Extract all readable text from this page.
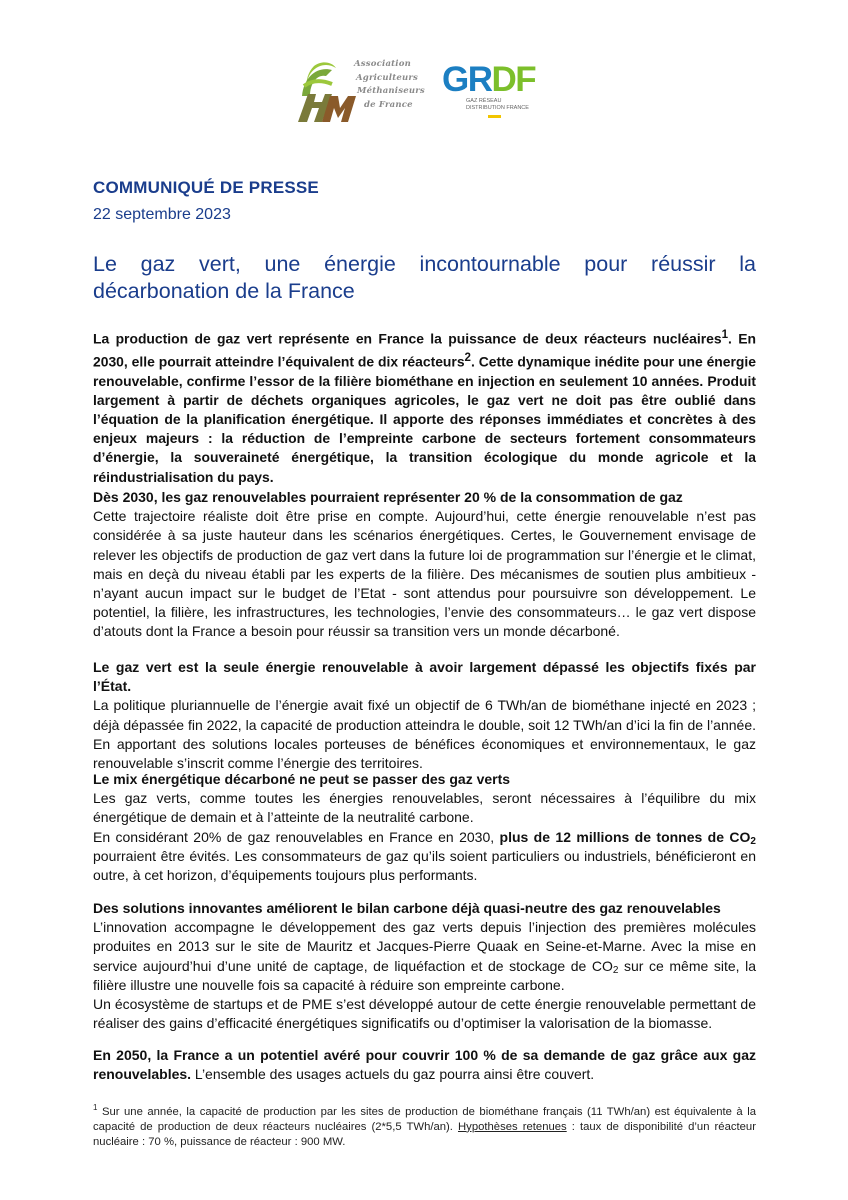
Association
Agriculteurs
Méthaniseurs
de France
GRDF
GAZ RÉSEAU DISTRIBUTION FRANCE
COMMUNIQUÉ DE PRESSE

22 septembre 2023

Le gaz vert, une énergie incontournable pour réussir la décarbonation de la France

La production de gaz vert représente en France la puissance de deux réacteurs nucléaires$^1$. En 2030, elle pourrait atteindre l’équivalent de dix réacteurs$^2$. Cette dynamique inédite pour une énergie renouvelable, confirme l’essor de la filière biométhane en injection en seulement 10 années. Produit largement à partir de déchets organiques agricoles, le gaz vert ne doit pas être oublié dans l’équation de la planification énergétique. Il apporte des réponses immédiates et concrètes à des enjeux majeurs : la réduction de l’empreinte carbone de secteurs fortement consommateurs d’énergie, la souveraineté énergétique, la transition écologique du monde agricole et la réindustrialisation du pays.

Dès 2030, les gaz renouvelables pourraient représenter 20 % de la consommation de gaz

Cette trajectoire réaliste doit être prise en compte. Aujourd’hui, cette énergie renouvelable n’est pas considérée à sa juste hauteur dans les scénarios énergétiques. Certes, le Gouvernement envisage de relever les objectifs de production de gaz vert dans la future loi de programmation sur l’énergie et le climat, mais en deçà du niveau établi par les experts de la filière. Des mécanismes de soutien plus ambitieux - n’ayant aucun impact sur le budget de l’Etat - sont attendus pour poursuivre son développement. Le potentiel, la filière, les infrastructures, les technologies, l’envie des consommateurs… le gaz vert dispose d’atouts dont la France a besoin pour réussir sa transition vers un monde décarboné.

Le gaz vert est la seule énergie renouvelable à avoir largement dépassé les objectifs fixés par l’État.

La politique pluriannuelle de l’énergie avait fixé un objectif de 6 TWh/an de biométhane injecté en 2023 ; déjà dépassée fin 2022, la capacité de production atteindra le double, soit 12 TWh/an d’ici la fin de l’année. En apportant des solutions locales porteuses de bénéfices économiques et environnementaux, le gaz renouvelable s’inscrit comme l’énergie des territoires.

Le mix énergétique décarboné ne peut se passer des gaz verts

Les gaz verts, comme toutes les énergies renouvelables, seront nécessaires à l’équilibre du mix énergétique de demain et à l’atteinte de la neutralité carbone.

En considérant 20% de gaz renouvelables en France en 2030, plus de 12 millions de tonnes de $CO_2$ pourraient être évités. Les consommateurs de gaz qu’ils soient particuliers ou industriels, bénéficieront en outre, à cet horizon, d’équipements toujours plus performants.

Des solutions innovantes améliorent le bilan carbone déjà quasi-neutre des gaz renouvelables

L’innovation accompagne le développement des gaz verts depuis l’injection des premières molécules produites en 2013 sur le site de Mauritz et Jacques-Pierre Quaak en Seine-et-Marne. Avec la mise en service aujourd’hui d’une unité de captage, de liquéfaction et de stockage de $CO_2$ sur ce même site, la filière illustre une nouvelle fois sa capacité à réduire son empreinte carbone.

Un écosystème de startups et de PME s’est développé autour de cette énergie renouvelable permettant de réaliser des gains d’efficacité énergétiques significatifs ou d’optimiser la valorisation de la biomasse.

En 2050, la France a un potentiel avéré pour couvrir 100 % de sa demande de gaz grâce aux gaz renouvelables. L’ensemble des usages actuels du gaz pourra ainsi être couvert.

$^1$ Sur une année, la capacité de production par les sites de production de biométhane français (11 TWh/an) est équivalente à la capacité de production de deux réacteurs nucléaires (2*5,5 TWh/an). Hypothèses retenues : taux de disponibilité d’un réacteur nucléaire : 70 %, puissance de réacteur : 900 MW.
